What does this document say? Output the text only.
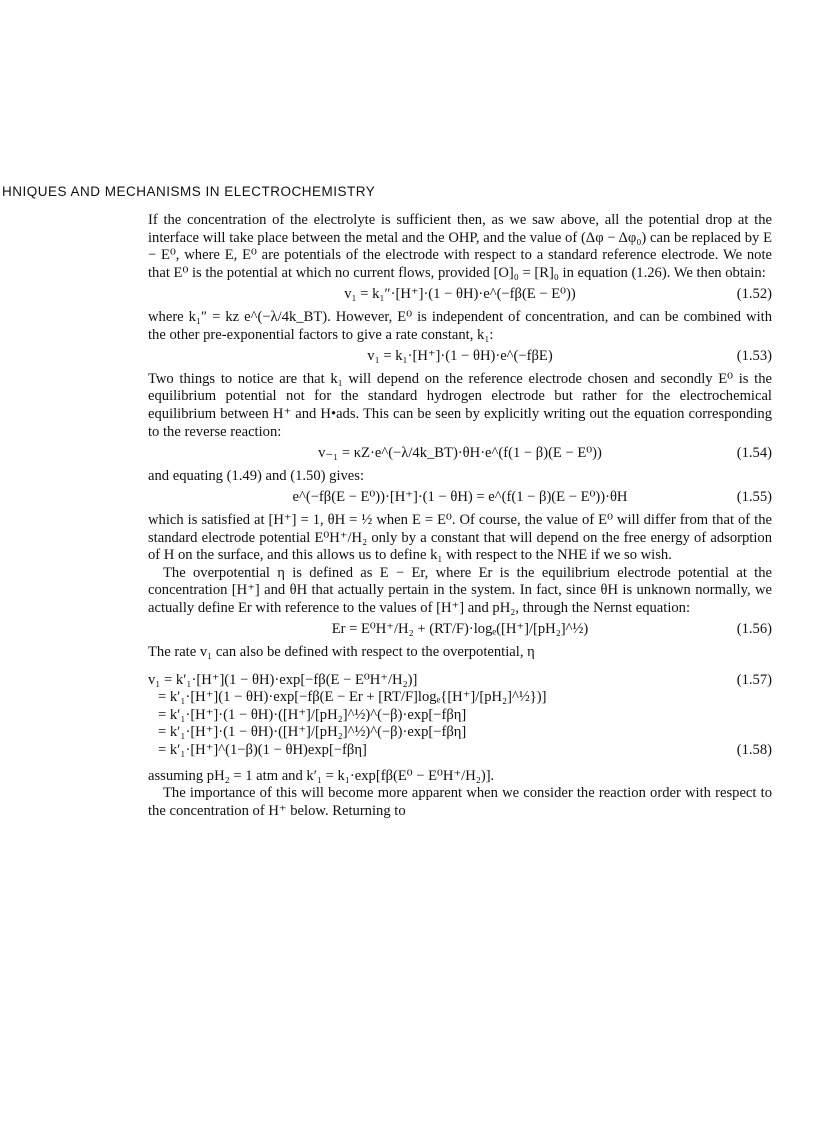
HNIQUES AND MECHANISMS IN ELECTROCHEMISTRY

If the concentration of the electrolyte is sufficient then, as we saw above, all the potential drop at the interface will take place between the metal and the OHP, and the value of (Δφ − Δφ₀) can be replaced by E − E⁰, where E, E⁰ are potentials of the electrode with respect to a standard reference electrode. We note that E⁰ is the potential at which no current flows, provided [O]₀ = [R]₀ in equation (1.26). We then obtain:

v₁ = k₁″·[H⁺]·(1 − θH)·e^(−fβ(E − E⁰))	(1.52)

where k₁″ = kz e^(−λ/4k_BT). However, E⁰ is independent of concentration, and can be combined with the other pre-exponential factors to give a rate constant, k₁:

v₁ = k₁·[H⁺]·(1 − θH)·e^(−fβE)	(1.53)

Two things to notice are that k₁ will depend on the reference electrode chosen and secondly E⁰ is the equilibrium potential not for the standard hydrogen electrode but rather for the electrochemical equilibrium between H⁺ and H•ads. This can be seen by explicitly writing out the equation corresponding to the reverse reaction:

v₋₁ = κZ·e^(−λ/4k_BT)·θH·e^(f(1 − β)(E − E⁰))	(1.54)

and equating (1.49) and (1.50) gives:

e^(−fβ(E − E⁰))·[H⁺]·(1 − θH) = e^(f(1 − β)(E − E⁰))·θH	(1.55)

which is satisfied at [H⁺] = 1, θH = ½ when E = E⁰. Of course, the value of E⁰ will differ from that of the standard electrode potential E⁰H⁺/H₂ only by a constant that will depend on the free energy of adsorption of H on the surface, and this allows us to define k₁ with respect to the NHE if we so wish.

The overpotential η is defined as E − Er, where Er is the equilibrium electrode potential at the concentration [H⁺] and θH that actually pertain in the system. In fact, since θH is unknown normally, we actually define Er with reference to the values of [H⁺] and pH₂, through the Nernst equation:

Er = E⁰H⁺/H₂ + (RT/F)·logₑ([H⁺]/[pH₂]^½)	(1.56)

The rate v₁ can also be defined with respect to the overpotential, η

v₁ = k′₁·[H⁺](1 − θH)·exp[−fβ(E − E⁰H⁺/H₂)]	(1.57)
= k′₁·[H⁺](1 − θH)·exp[−fβ(E − Er + [RT/F]logₑ{[H⁺]/[pH₂]^½})]
= k′₁·[H⁺]·(1 − θH)·([H⁺]/[pH₂]^½)^(−β)·exp[−fβη]
= k′₁·[H⁺]·(1 − θH)·([H⁺]/[pH₂]^½)^(−β)·exp[−fβη]
= k′₁·[H⁺]^(1−β)(1 − θH)exp[−fβη]	(1.58)

assuming pH₂ = 1 atm and k′₁ = k₁·exp[fβ(E⁰ − E⁰H⁺/H₂)].

The importance of this will become more apparent when we consider the reaction order with respect to the concentration of H⁺ below. Returning to
